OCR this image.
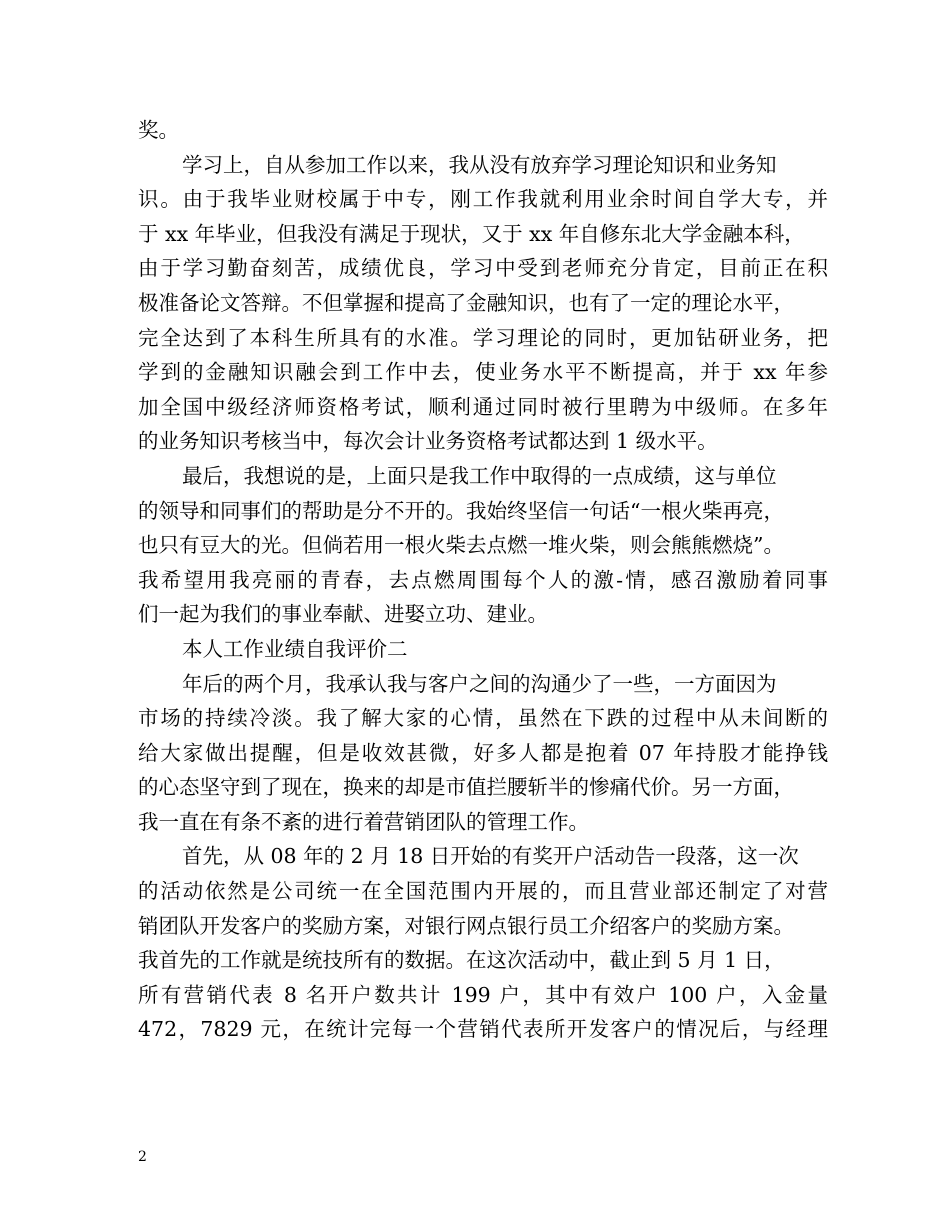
奖。
学习上，自从参加工作以来，我从没有放弃学习理论知识和业务知
识。由于我毕业财校属于中专，刚工作我就利用业余时间自学大专，并
于 xx 年毕业，但我没有满足于现状，又于 xx 年自修东北大学金融本科，
由于学习勤奋刻苦，成绩优良，学习中受到老师充分肯定，目前正在积
极准备论文答辩。不但掌握和提高了金融知识，也有了一定的理论水平，
完全达到了本科生所具有的水准。学习理论的同时，更加钻研业务，把
学到的金融知识融会到工作中去，使业务水平不断提高，并于 xx 年参
加全国中级经济师资格考试，顺利通过同时被行里聘为中级师。在多年
的业务知识考核当中，每次会计业务资格考试都达到 1 级水平。
最后，我想说的是，上面只是我工作中取得的一点成绩，这与单位
的领导和同事们的帮助是分不开的。我始终坚信一句话“一根火柴再亮，
也只有豆大的光。但倘若用一根火柴去点燃一堆火柴，则会熊熊燃烧”。
我希望用我亮丽的青春，去点燃周围每个人的激-情，感召激励着同事
们一起为我们的事业奉献、进娶立功、建业。
本人工作业绩自我评价二
年后的两个月，我承认我与客户之间的沟通少了一些，一方面因为
市场的持续冷淡。我了解大家的心情，虽然在下跌的过程中从未间断的
给大家做出提醒，但是收效甚微，好多人都是抱着 07 年持股才能挣钱
的心态坚守到了现在，换来的却是市值拦腰斩半的惨痛代价。另一方面，
我一直在有条不紊的进行着营销团队的管理工作。
首先，从 08 年的 2 月 18 日开始的有奖开户活动告一段落，这一次
的活动依然是公司统一在全国范围内开展的，而且营业部还制定了对营
销团队开发客户的奖励方案，对银行网点银行员工介绍客户的奖励方案。
我首先的工作就是统技所有的数据。在这次活动中，截止到 5 月 1 日，
所有营销代表 8 名开户数共计 199 户，其中有效户 100 户，入金量
472，7829 元，在统计完每一个营销代表所开发客户的情况后，与经理
2
